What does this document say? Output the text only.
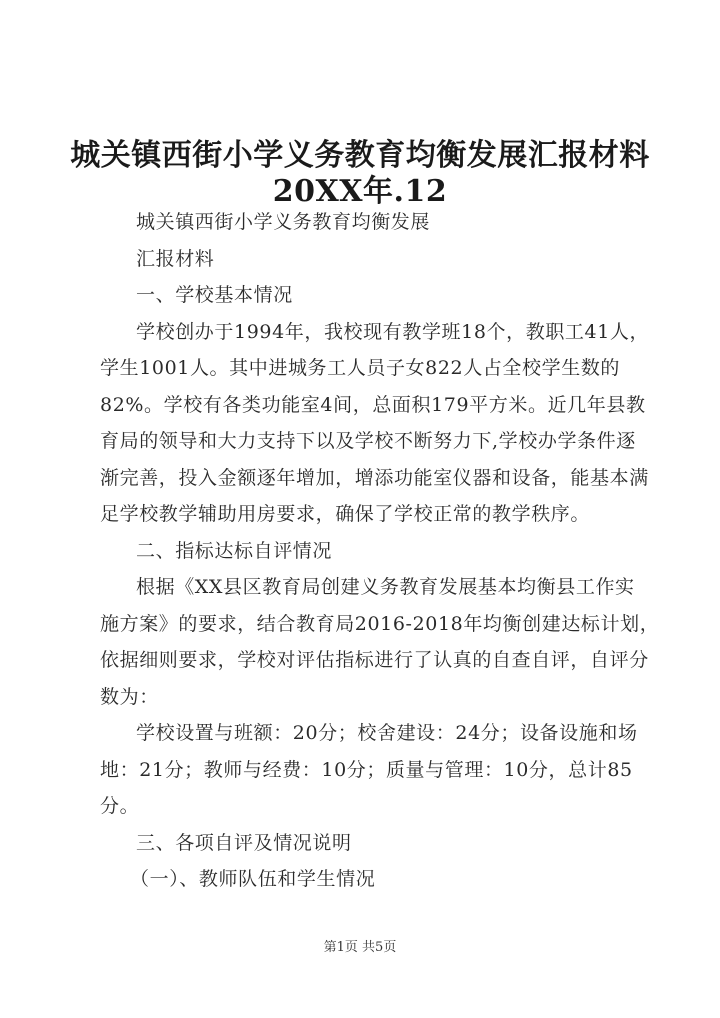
城关镇西街小学义务教育均衡发展汇报材料
20XX年.12
城关镇西街小学义务教育均衡发展
汇报材料
一、学校基本情况
学校创办于1994年，我校现有教学班18个，教职工41人，
学生1001人。其中进城务工人员子女822人占全校学生数的
82%。学校有各类功能室4间，总面积179平方米。近几年县教
育局的领导和大力支持下以及学校不断努力下,学校办学条件逐
渐完善，投入金额逐年增加，增添功能室仪器和设备，能基本满
足学校教学辅助用房要求，确保了学校正常的教学秩序。
二、指标达标自评情况
根据《XX县区教育局创建义务教育发展基本均衡县工作实
施方案》的要求，结合教育局2016-2018年均衡创建达标计划，
依据细则要求，学校对评估指标进行了认真的自查自评，自评分
数为：
学校设置与班额：20分；校舍建设：24分；设备设施和场
地：21分；教师与经费：10分；质量与管理：10分，总计85
分。
三、各项自评及情况说明
（一）、教师队伍和学生情况
第1页 共5页
